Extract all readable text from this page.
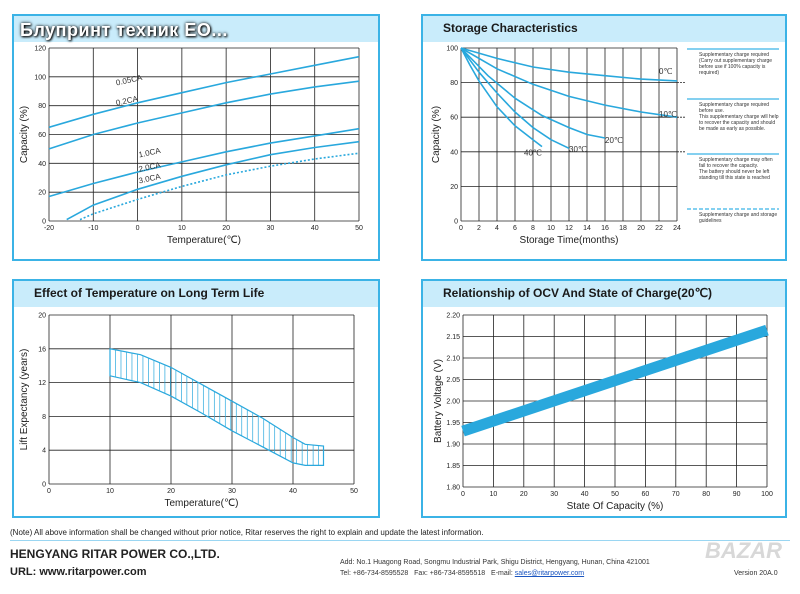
-20	-10	0	10	20	30	40	50
0
20
40
60
80
100
120
Temperature(℃)
Capacity (%)
0.05CA
0.2CA
1.0CA
2.0CA
3.0CA
Storage Characteristics
0 2 4 6 8 10 12 14 16 18 20 22 24
0
20
40
60
80
100
Storage Time(months)
Capacity (%)
0℃
10℃
20℃
30℃
40℃
Supplementary charge required
(Carry out supplementary charge
before use if 100% capacity is
required)
Supplementary charge required
before use.
This supplementary charge will help
to recover the capacity and should
be made as early as possible.
Supplementary charge may often
fail to recover the capacity.
The battery should never be left
standing till this state is reached
Supplementary charge and storage
guidelines
Effect of Temperature on Long Term Life
0	10	20	30	40	50
0
4
8
12
16
20
Temperature(℃)
Lift Expectancy (years)
Relationship of OCV And State of Charge(20℃)
0	10	20	30	40	50	60	70	80	90	100
1.80
1.85
1.90
1.95
2.00
2.05
2.10
2.15
2.20
State Of Capacity (%)
Battery Voltage (V)
Блупринт техник ЕО...
(Note) All above information shall be changed without prior notice, Ritar reserves the right to explain and update the latest information.
HENGYANG RITAR POWER CO.,LTD.
URL: www.ritarpower.com
Add: No.1 Huagong Road, Songmu Industrial Park, Shigu District, Hengyang, Hunan, China 421001
Tel: +86-734-8595528 Fax: +86-734-8595518 E-mail: sales@ritarpower.com
BAZAR
Version 20A.0
